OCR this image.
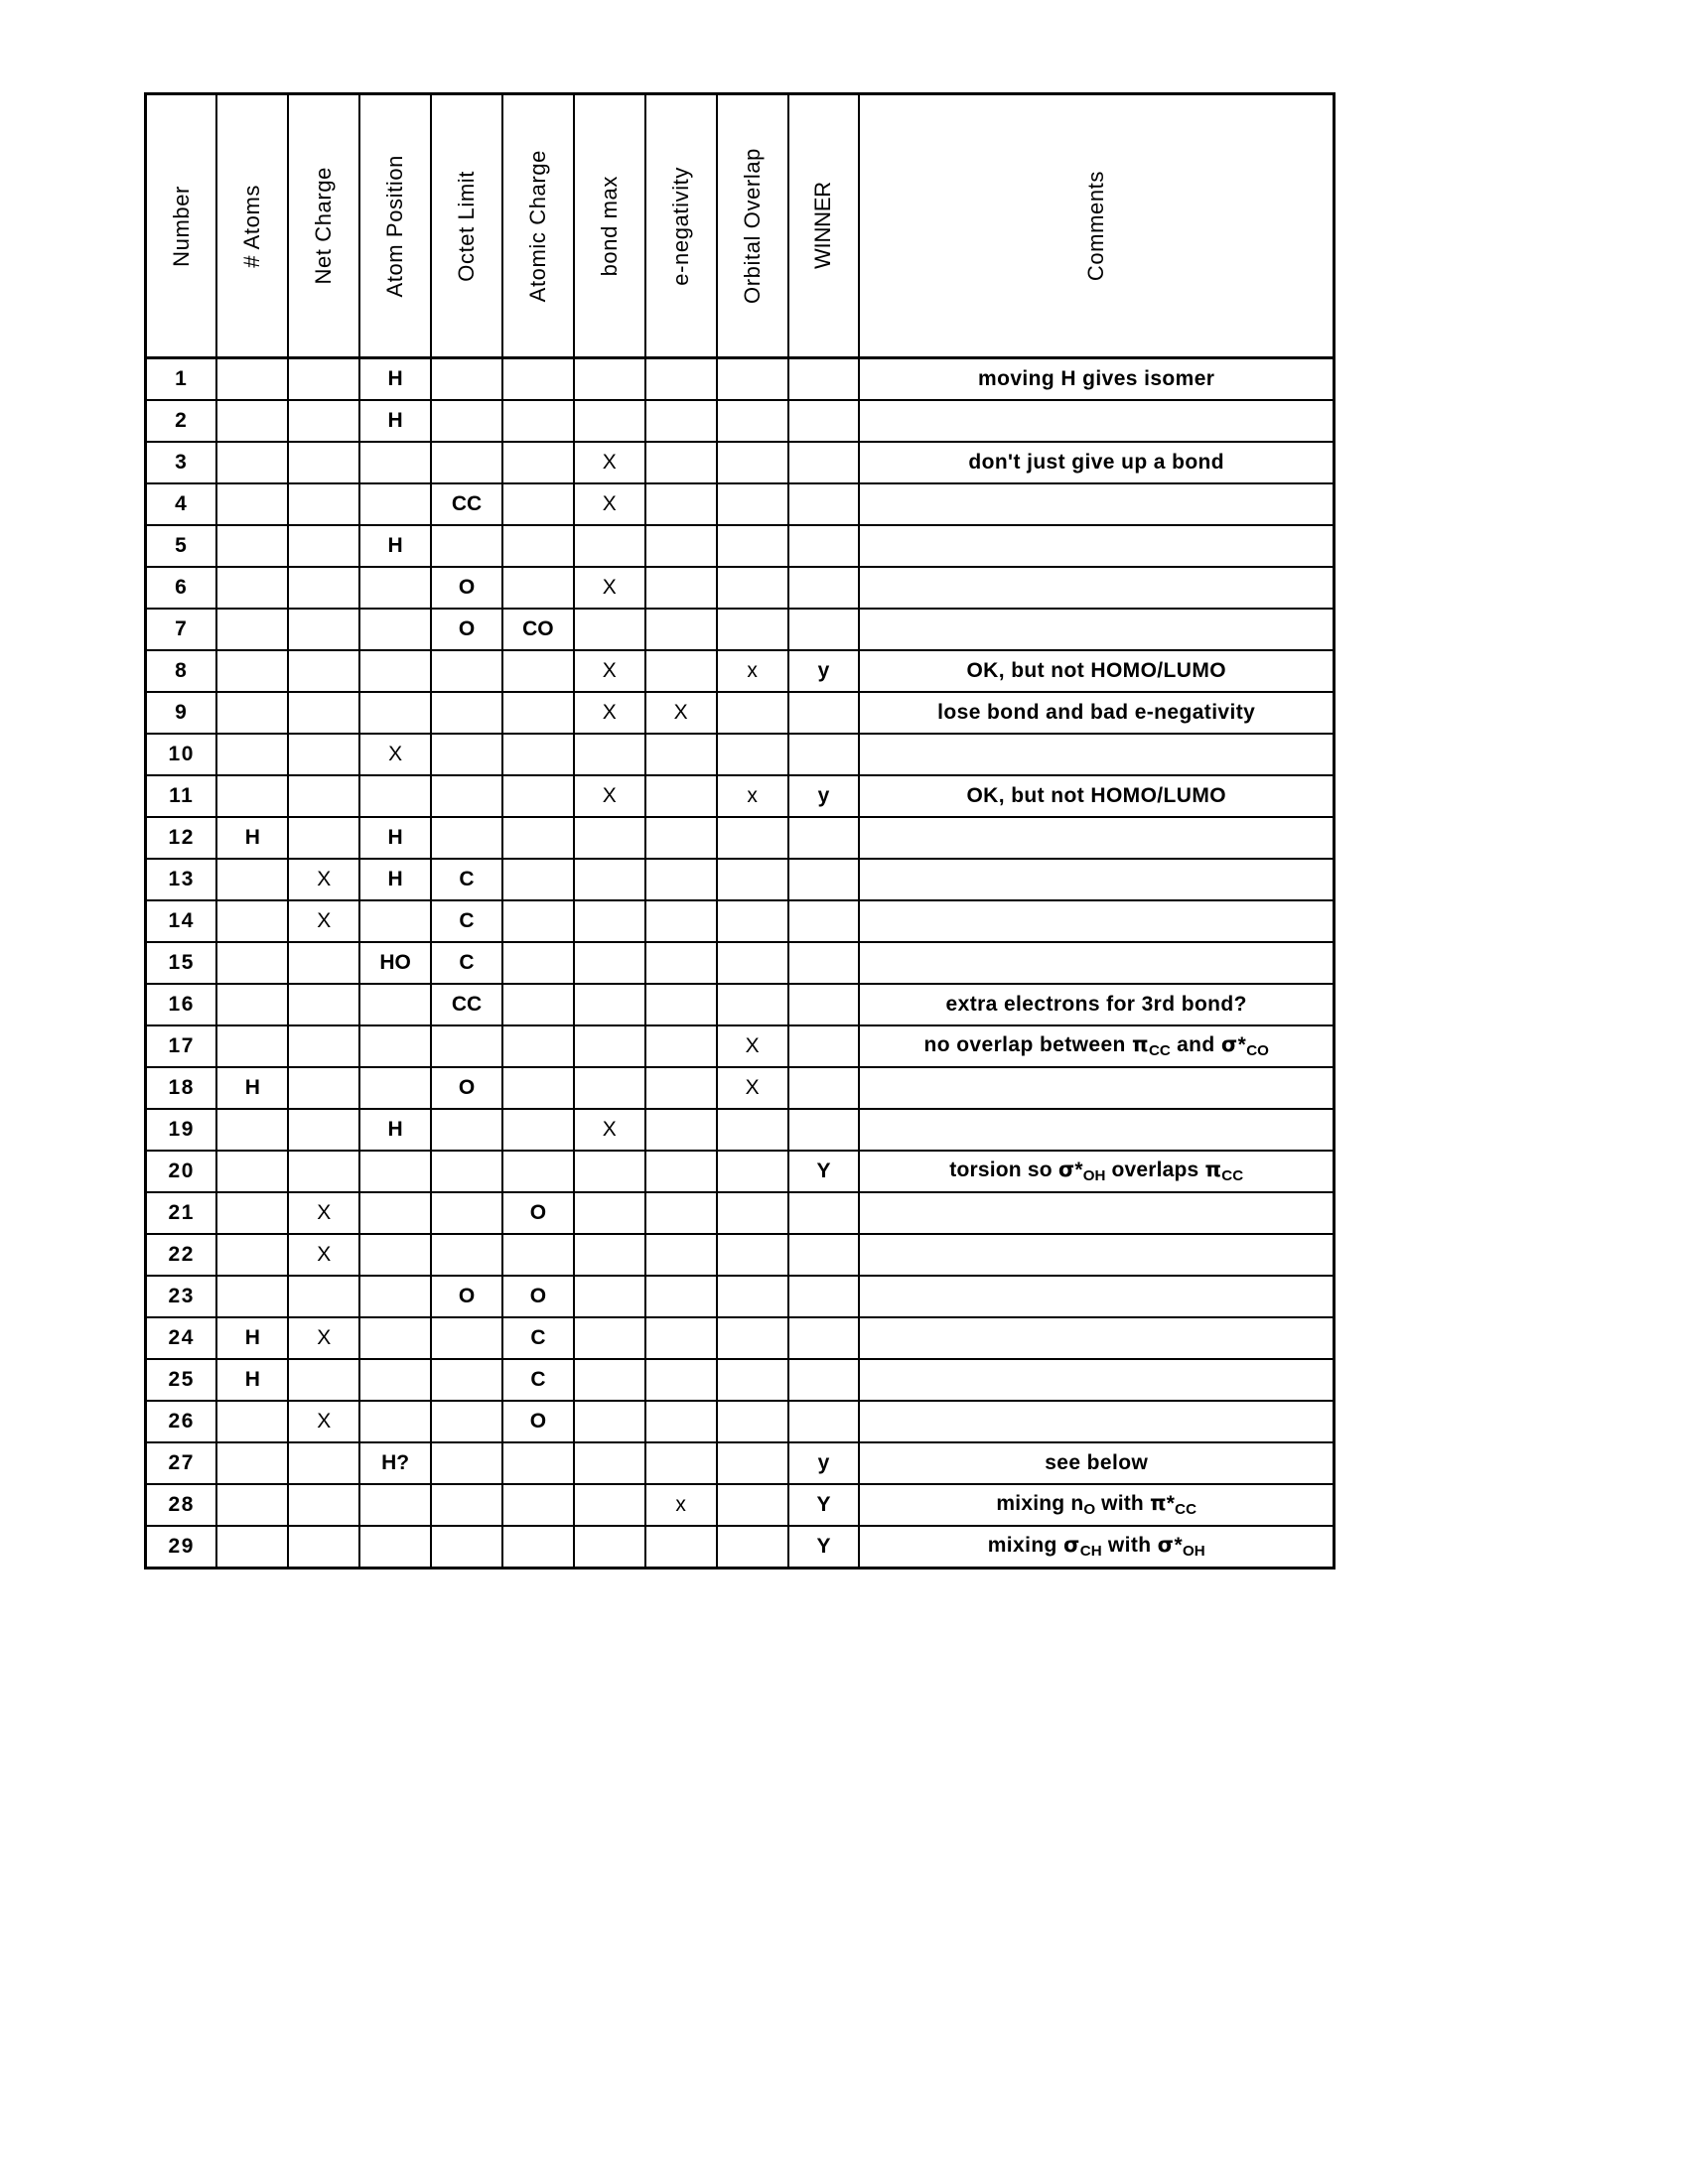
Number	# Atoms	Net Charge	Atom Position	Octet Limit	Atomic Charge	bond max	e-negativity	Orbital Overlap	WINNER	Comments

1			H							moving H gives isomer
2			H							
3						X				don't just give up a bond
4				CC		X				
5			H							
6				O		X				
7				O	CO					
8						X		x	y	OK, but not HOMO/LUMO
9						X	X			lose bond and bad e-negativity
10			X							
11						X		x	y	OK, but not HOMO/LUMO
12	H		H							
13		X	H	C						
14		X		C						
15			HO	C						
16				CC						extra electrons for 3rd bond?
17								X		no overlap between $\pi_{CC}$ and $\sigma*_{CO}$
18	H			O				X		
19			H			X				
20									Y	torsion so $\sigma*_{OH}$ overlaps $\pi_{CC}$
21		X			O					
22		X								
23				O	O					
24	H	X			C					
25	H				C					
26		X			O					
27			H?						y	see below
28							x		Y	mixing $n_O$ with $\pi*_{CC}$
29									Y	mixing $\sigma_{CH}$ with $\sigma*_{OH}$
